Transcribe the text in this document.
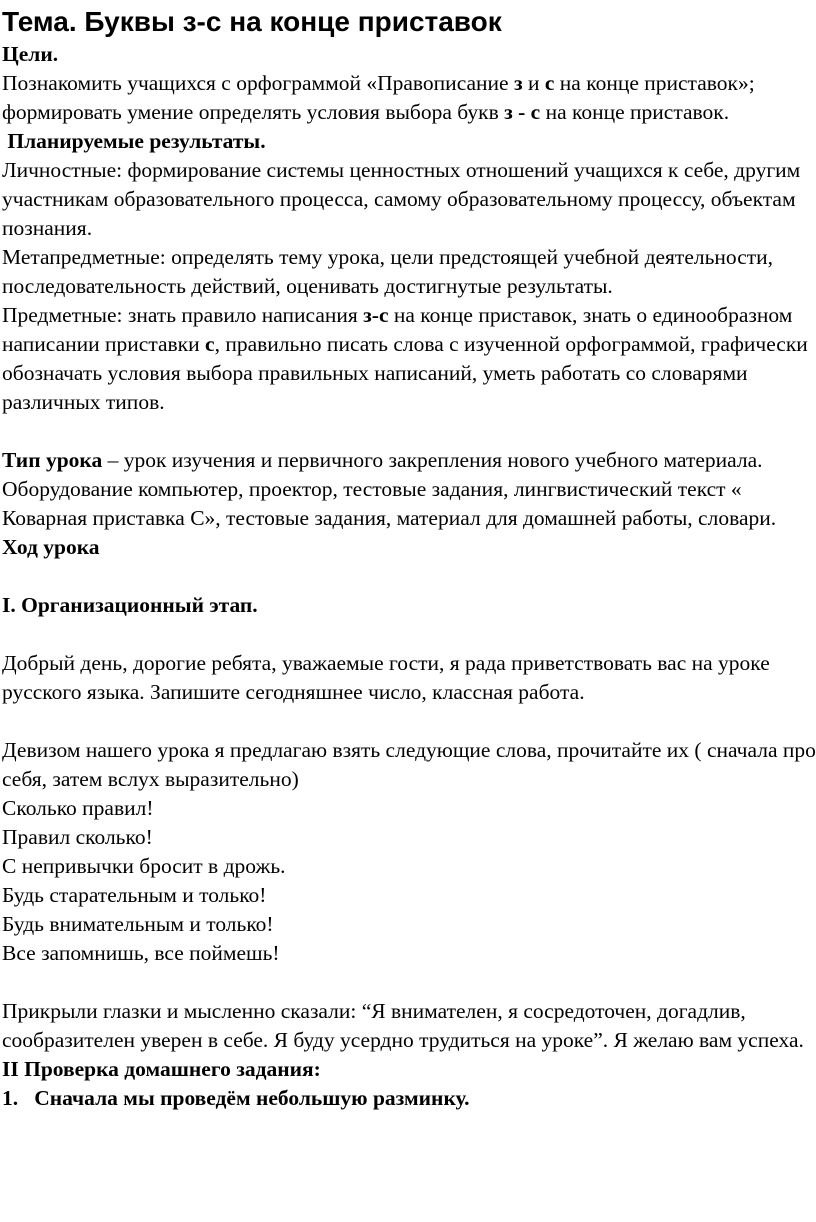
Тема. Буквы з-с на конце приставок

Цели.

Познакомить учащихся с орфограммой «Правописание з и с на конце приставок»; формировать умение определять условия выбора букв з - с на конце приставок.

Планируемые результаты.

Личностные: формирование системы ценностных отношений учащихся к себе, другим участникам образовательного процесса, самому образовательному процессу, объектам познания.

Метапредметные: определять тему урока, цели предстоящей учебной деятельности, последовательность действий, оценивать достигнутые результаты.

Предметные: знать правило написания з-с на конце приставок, знать о единообразном написании приставки с, правильно писать слова с изученной орфограммой, графически обозначать условия выбора правильных написаний, уметь работать со словарями различных типов.

Тип урока – урок изучения и первичного закрепления нового учебного материала.

Оборудование компьютер, проектор, тестовые задания, лингвистический текст « Коварная приставка С», тестовые задания, материал для домашней работы, словари.

Ход урока

I. Организационный этап.

Добрый день, дорогие ребята, уважаемые гости, я рада приветствовать вас на уроке русского языка. Запишите сегодняшнее число, классная работа.

Девизом нашего урока я предлагаю взять следующие слова, прочитайте их ( сначала про себя, затем вслух выразительно)

Сколько правил!

Правил сколько!

С непривычки бросит в дрожь.

Будь старательным и только!

Будь внимательным и только!

Все запомнишь, все поймешь!

Прикрыли глазки и мысленно сказали: “Я внимателен, я сосредоточен, догадлив, сообразителен уверен в себе. Я буду усердно трудиться на уроке”. Я желаю вам успеха.

II Проверка домашнего задания:

1. Сначала мы проведём небольшую разминку.
